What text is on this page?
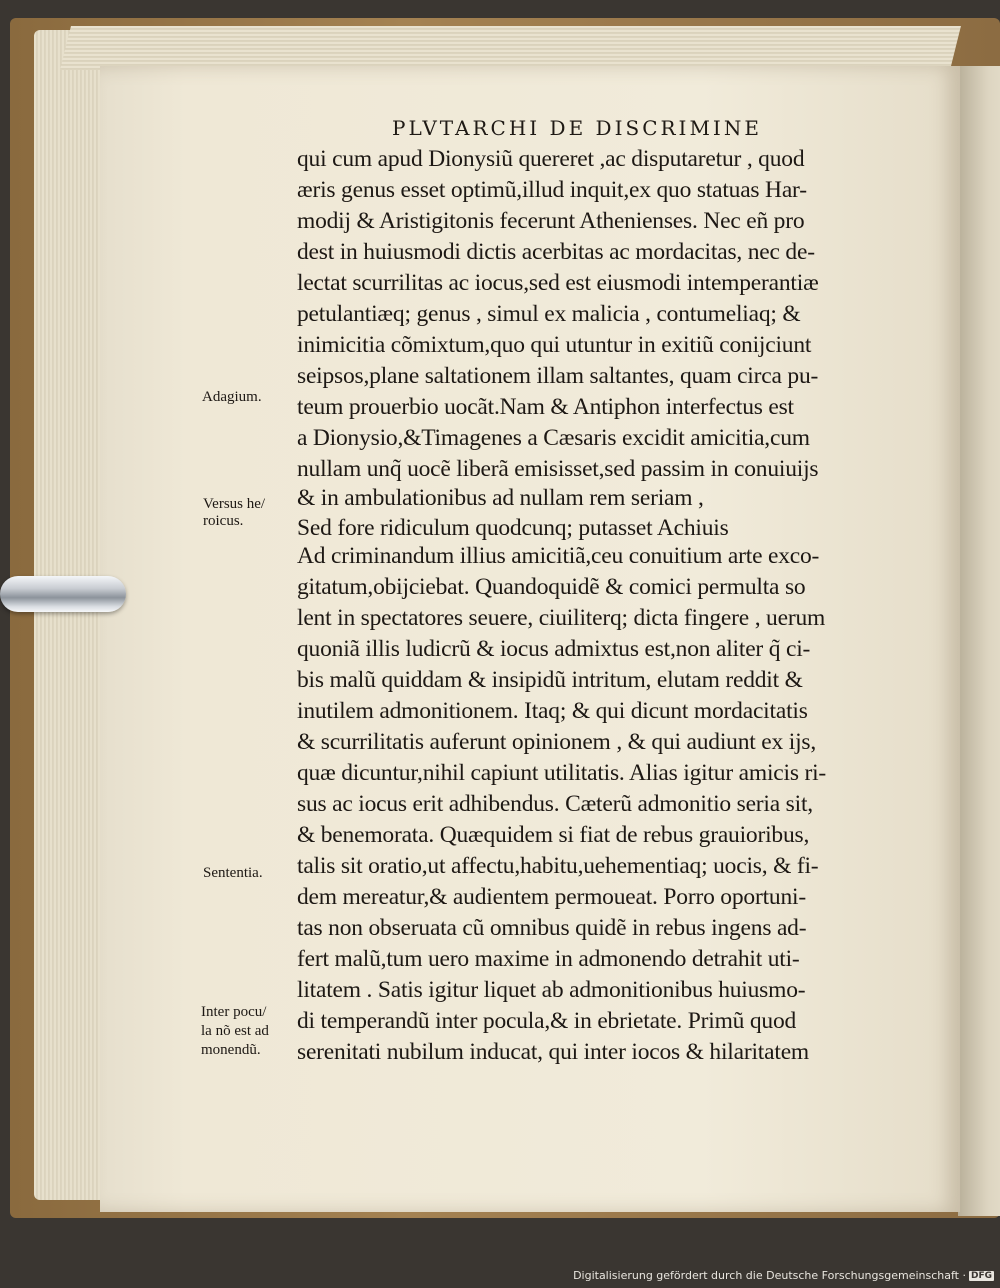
PLVTARCHI DE DISCRIMINE
qui cum apud Dionysiũ quereret ,ac disputaretur , quod
æris genus esset optimũ,illud inquit,ex quo statuas Har-
modij & Aristigitonis fecerunt Athenienses. Nec eñ pro
dest in huiusmodi dictis acerbitas ac mordacitas, nec de-
lectat scurrilitas ac iocus,sed est eiusmodi intemperantiæ
petulantiæq; genus , simul ex malicia , contumeliaq; &
inimicitia cõmixtum,quo qui utuntur in exitiũ conijciunt
seipsos,plane saltationem illam saltantes, quam circa pu-
teum prouerbio uocãt.Nam & Antiphon interfectus est
a Dionysio,&Timagenes a Cæsaris excidit amicitia,cum
nullam unq̃ uocẽ liberã emisisset,sed passim in conuiuijs
& in ambulationibus ad nullam rem seriam ,
Sed fore ridiculum quodcunq; putasset Achiuis
Ad criminandum illius amicitiã,ceu conuitium arte exco-
gitatum,obijciebat. Quandoquidẽ & comici permulta so
lent in spectatores seuere, ciuiliterq; dicta fingere , uerum
quoniã illis ludicrũ & iocus admixtus est,non aliter q̃ ci-
bis malũ quiddam & insipidũ intritum, elutam reddit &
inutilem admonitionem. Itaq; & qui dicunt mordacitatis
& scurrilitatis auferunt opinionem , & qui audiunt ex ijs,
quæ dicuntur,nihil capiunt utilitatis. Alias igitur amicis ri-
sus ac iocus erit adhibendus. Cæterũ admonitio seria sit,
& benemorata. Quæquidem si fiat de rebus grauioribus,
talis sit oratio,ut affectu,habitu,uehementiaq; uocis, & fi-
dem mereatur,& audientem permoueat. Porro oportuni-
tas non obseruata cũ omnibus quidẽ in rebus ingens ad-
fert malũ,tum uero maxime in admonendo detrahit uti-
litatem . Satis igitur liquet ab admonitionibus huiusmo-
di temperandũ inter pocula,& in ebrietate. Primũ quod
serenitati nubilum inducat, qui inter iocos & hilaritatem
Adagium.
Versus he/
roicus.
Sententia.
Inter pocu/
la nõ est ad
monendũ.
Digitalisierung gefördert durch die Deutsche Forschungsgemeinschaft · DFG
